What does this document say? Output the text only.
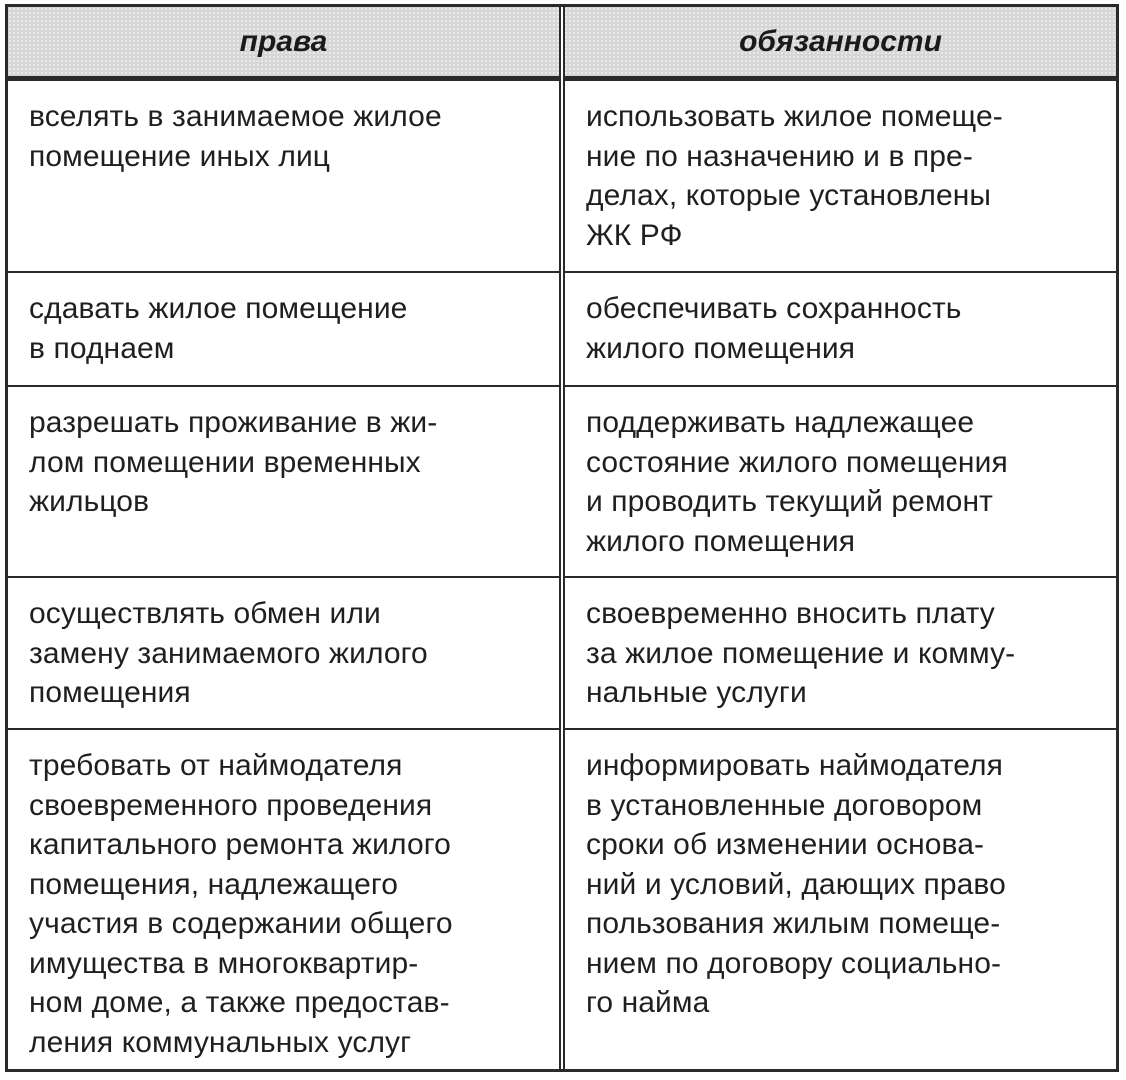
права	обязанности
вселять в занимаемое жилое
помещение иных лиц
использовать жилое помеще-
ние по назначению и в пре-
делах, которые установлены
ЖК РФ
сдавать жилое помещение
в поднаем
обеспечивать сохранность
жилого помещения
разрешать проживание в жи-
лом помещении временных
жильцов
поддерживать надлежащее
состояние жилого помещения
и проводить текущий ремонт
жилого помещения
осуществлять обмен или
замену занимаемого жилого
помещения
своевременно вносить плату
за жилое помещение и комму-
нальные услуги
требовать от наймодателя
своевременного проведения
капитального ремонта жилого
помещения, надлежащего
участия в содержании общего
имущества в многоквартир-
ном доме, а также предостав-
ления коммунальных услуг
информировать наймодателя
в установленные договором
сроки об изменении основа-
ний и условий, дающих право
пользования жилым помеще-
нием по договору социально-
го найма
